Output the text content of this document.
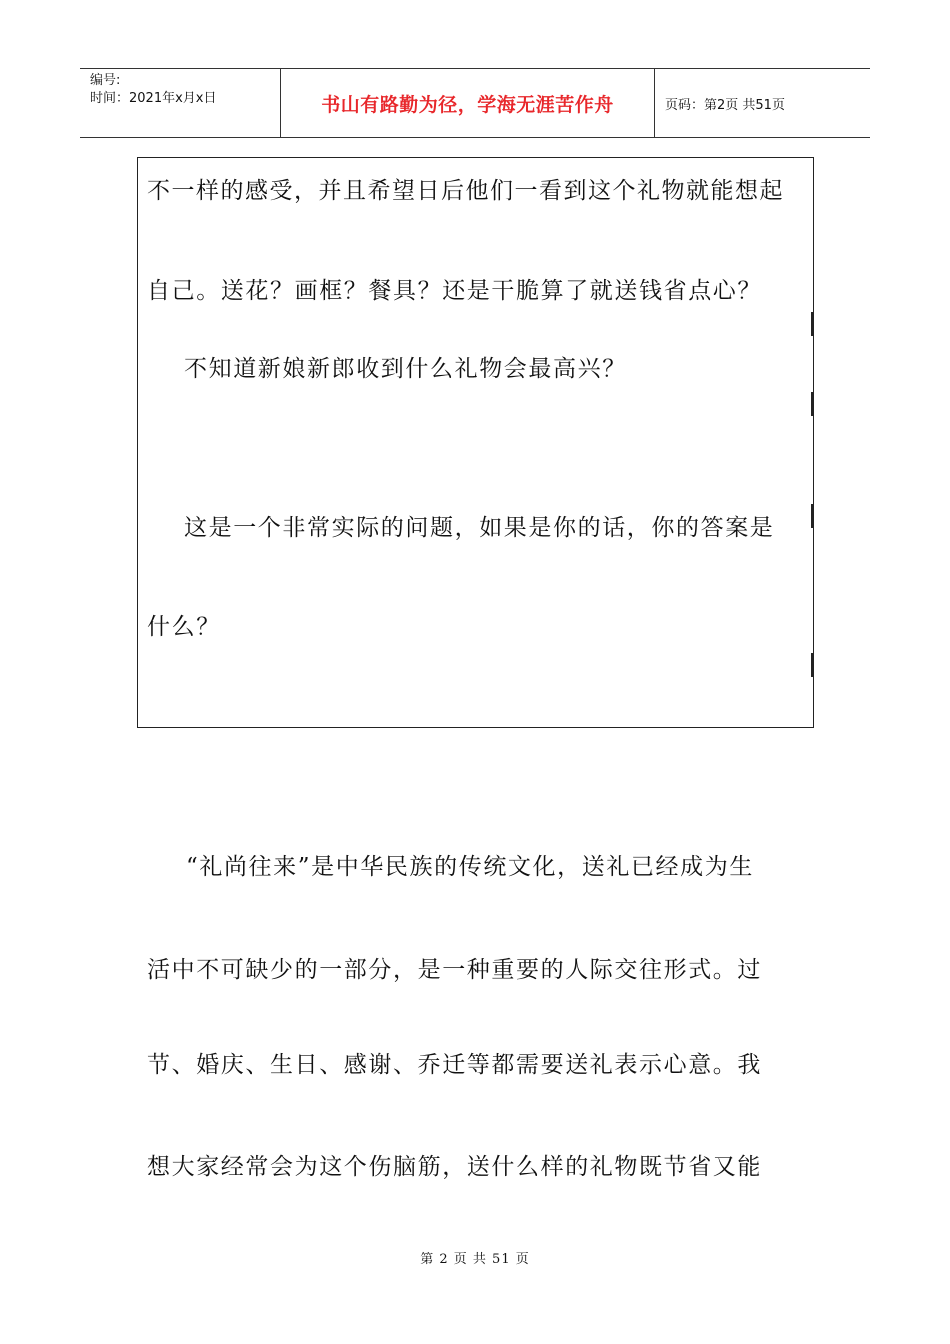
编号:
时间：2021年x月x日	书山有路勤为径，学海无涯苦作舟	页码：第2页 共51页
不一样的感受，并且希望日后他们一看到这个礼物就能想起
自己。送花？画框？餐具？还是干脆算了就送钱省点心？
不知道新娘新郎收到什么礼物会最高兴？
这是一个非常实际的问题，如果是你的话，你的答案是
什么？
“礼尚往来”是中华民族的传统文化，送礼已经成为生
活中不可缺少的一部分，是一种重要的人际交往形式。过
节、婚庆、生日、感谢、乔迁等都需要送礼表示心意。我
想大家经常会为这个伤脑筋，送什么样的礼物既节省又能
第 2 页 共 51 页
